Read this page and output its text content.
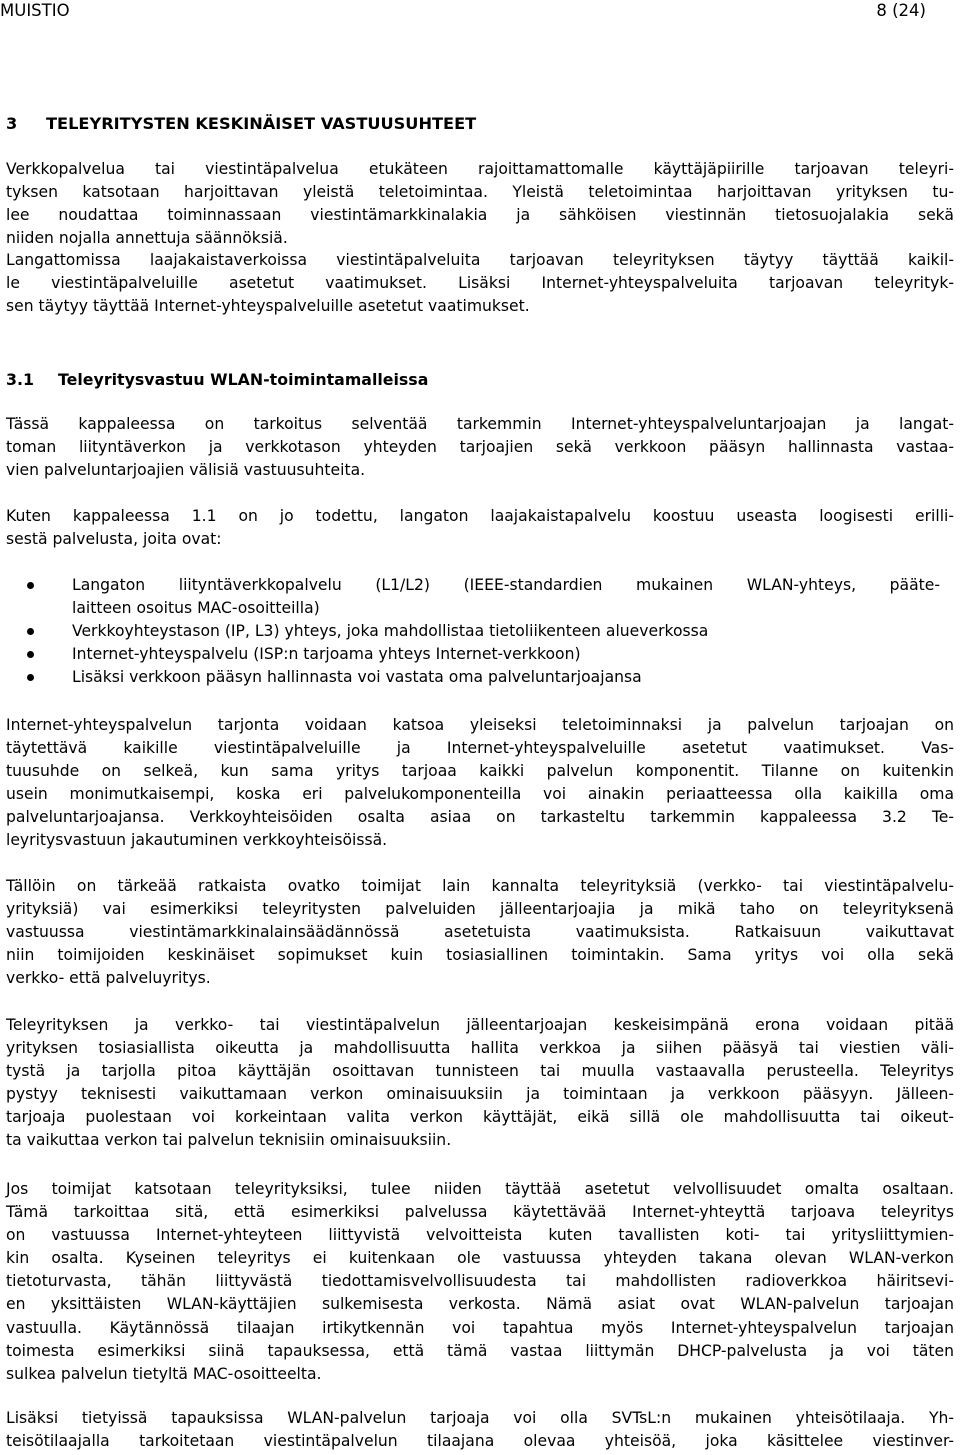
MUISTIO	8 (24)
3 TELEYRITYSTEN KESKINÄISET VASTUUSUHTEET
Verkkopalvelua tai viestintäpalvelua etukäteen rajoittamattomalle käyttäjäpiirille tarjoavan teleyri-
tyksen katsotaan harjoittavan yleistä teletoimintaa. Yleistä teletoimintaa harjoittavan yrityksen tu-
lee noudattaa toiminnassaan viestintämarkkinalakia ja sähköisen viestinnän tietosuojalakia sekä
niiden nojalla annettuja säännöksiä.
Langattomissa laajakaistaverkoissa viestintäpalveluita tarjoavan teleyrityksen täytyy täyttää kaikil-
le viestintäpalveluille asetetut vaatimukset. Lisäksi Internet-yhteyspalveluita tarjoavan teleyrityk-
sen täytyy täyttää Internet-yhteyspalveluille asetetut vaatimukset.
3.1 Teleyritysvastuu WLAN-toimintamalleissa
Tässä kappaleessa on tarkoitus selventää tarkemmin Internet-yhteyspalveluntarjoajan ja langat-
toman liityntäverkon ja verkkotason yhteyden tarjoajien sekä verkkoon pääsyn hallinnasta vastaa-
vien palveluntarjoajien välisiä vastuusuhteita.
Kuten kappaleessa 1.1 on jo todettu, langaton laajakaistapalvelu koostuu useasta loogisesti erilli-
sestä palvelusta, joita ovat:
Langaton liityntäverkkopalvelu (L1/L2) (IEEE-standardien mukainen WLAN-yhteys, pääte-
laitteen osoitus MAC-osoitteilla)
Verkkoyhteystason (IP, L3) yhteys, joka mahdollistaa tietoliikenteen alueverkossa
Internet-yhteyspalvelu (ISP:n tarjoama yhteys Internet-verkkoon)
Lisäksi verkkoon pääsyn hallinnasta voi vastata oma palveluntarjoajansa
Internet-yhteyspalvelun tarjonta voidaan katsoa yleiseksi teletoiminnaksi ja palvelun tarjoajan on
täytettävä kaikille viestintäpalveluille ja Internet-yhteyspalveluille asetetut vaatimukset. Vas-
tuusuhde on selkeä, kun sama yritys tarjoaa kaikki palvelun komponentit. Tilanne on kuitenkin
usein monimutkaisempi, koska eri palvelukomponenteilla voi ainakin periaatteessa olla kaikilla oma
palveluntarjoajansa. Verkkoyhteisöiden osalta asiaa on tarkasteltu tarkemmin kappaleessa 3.2 Te-
leyritysvastuun jakautuminen verkkoyhteisöissä.
Tällöin on tärkeää ratkaista ovatko toimijat lain kannalta teleyrityksiä (verkko- tai viestintäpalvelu-
yrityksiä) vai esimerkiksi teleyritysten palveluiden jälleentarjoajia ja mikä taho on teleyrityksenä
vastuussa viestintämarkkinalainsäädännössä asetetuista vaatimuksista. Ratkaisuun vaikuttavat
niin toimijoiden keskinäiset sopimukset kuin tosiasiallinen toimintakin. Sama yritys voi olla sekä
verkko- että palveluyritys.
Teleyrityksen ja verkko- tai viestintäpalvelun jälleentarjoajan keskeisimpänä erona voidaan pitää
yrityksen tosiasiallista oikeutta ja mahdollisuutta hallita verkkoa ja siihen pääsyä tai viestien väli-
tystä ja tarjolla pitoa käyttäjän osoittavan tunnisteen tai muulla vastaavalla perusteella. Teleyritys
pystyy teknisesti vaikuttamaan verkon ominaisuuksiin ja toimintaan ja verkkoon pääsyyn. Jälleen-
tarjoaja puolestaan voi korkeintaan valita verkon käyttäjät, eikä sillä ole mahdollisuutta tai oikeut-
ta vaikuttaa verkon tai palvelun teknisiin ominaisuuksiin.
Jos toimijat katsotaan teleyrityksiksi, tulee niiden täyttää asetetut velvollisuudet omalta osaltaan.
Tämä tarkoittaa sitä, että esimerkiksi palvelussa käytettävää Internet-yhteyttä tarjoava teleyritys
on vastuussa Internet-yhteyteen liittyvistä velvoitteista kuten tavallisten koti- tai yritysliittymien-
kin osalta. Kyseinen teleyritys ei kuitenkaan ole vastuussa yhteyden takana olevan WLAN-verkon
tietoturvasta, tähän liittyvästä tiedottamisvelvollisuudesta tai mahdollisten radioverkkoa häiritsevi-
en yksittäisten WLAN-käyttäjien sulkemisesta verkosta. Nämä asiat ovat WLAN-palvelun tarjoajan
vastuulla. Käytännössä tilaajan irtikytkennän voi tapahtua myös Internet-yhteyspalvelun tarjoajan
toimesta esimerkiksi siinä tapauksessa, että tämä vastaa liittymän DHCP-palvelusta ja voi täten
sulkea palvelun tietyltä MAC-osoitteelta.
Lisäksi tietyissä tapauksissa WLAN-palvelun tarjoaja voi olla SVTsL:n mukainen yhteisötilaaja. Yh-
teisötilaajalla tarkoitetaan viestintäpalvelun tilaajana olevaa yhteisöä, joka käsittelee viestinver-
